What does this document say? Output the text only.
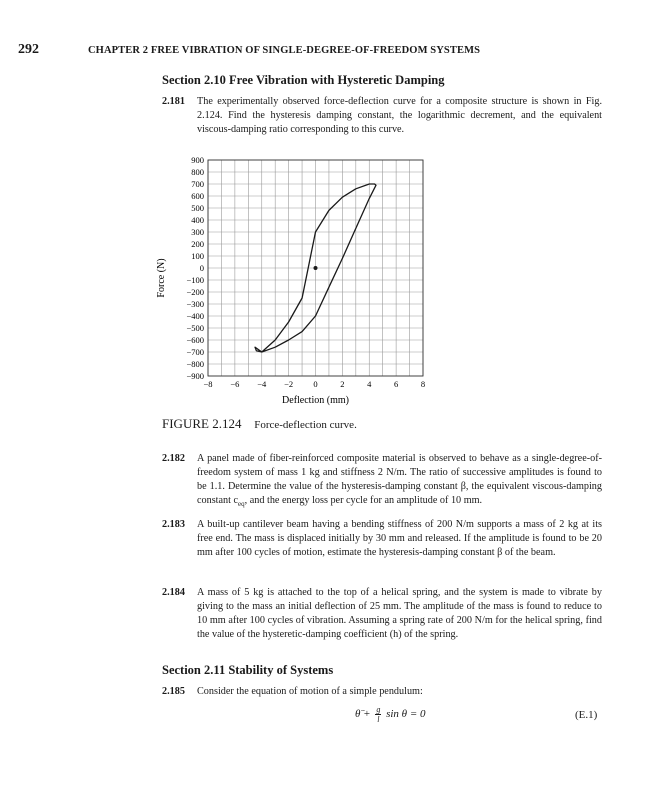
292	CHAPTER 2 FREE VIBRATION OF SINGLE-DEGREE-OF-FREEDOM SYSTEMS
Section 2.10 Free Vibration with Hysteretic Damping
2.181 The experimentally observed force-deflection curve for a composite structure is shown in Fig. 2.124. Find the hysteresis damping constant, the logarithmic decrement, and the equivalent viscous-damping ratio corresponding to this curve.
900
800
700
600
500
400
300
200
100
0
−100
−200
−300
−400
−500
−600
−700
−800
−900
−8 −6 −4 −2 0	2	4	6	8
Deflection (mm)
Force (N)
FIGURE 2.124 Force-deflection curve.
2.182 A panel made of fiber-reinforced composite material is observed to behave as a single-degree-of-freedom system of mass 1 kg and stiffness 2 N/m. The ratio of successive amplitudes is found to be 1.1. Determine the value of the hysteresis-damping constant β, the equivalent viscous-damping constant $c_{eq}$, and the energy loss per cycle for an amplitude of 10 mm.
2.183 A built-up cantilever beam having a bending stiffness of 200 N/m supports a mass of 2 kg at its free end. The mass is displaced initially by 30 mm and released. If the amplitude is found to be 20 mm after 100 cycles of motion, estimate the hysteresis-damping constant β of the beam.
2.184 A mass of 5 kg is attached to the top of a helical spring, and the system is made to vibrate by giving to the mass an initial deflection of 25 mm. The amplitude of the mass is found to reduce to 10 mm after 100 cycles of vibration. Assuming a spring rate of 200 N/m for the helical spring, find the value of the hysteretic-damping coefficient (h) of the spring.
Section 2.11 Stability of Systems
2.185 Consider the equation of motion of a simple pendulum:
θ̈ + $\frac{g}{l}$ sin θ = 0	(E.1)
